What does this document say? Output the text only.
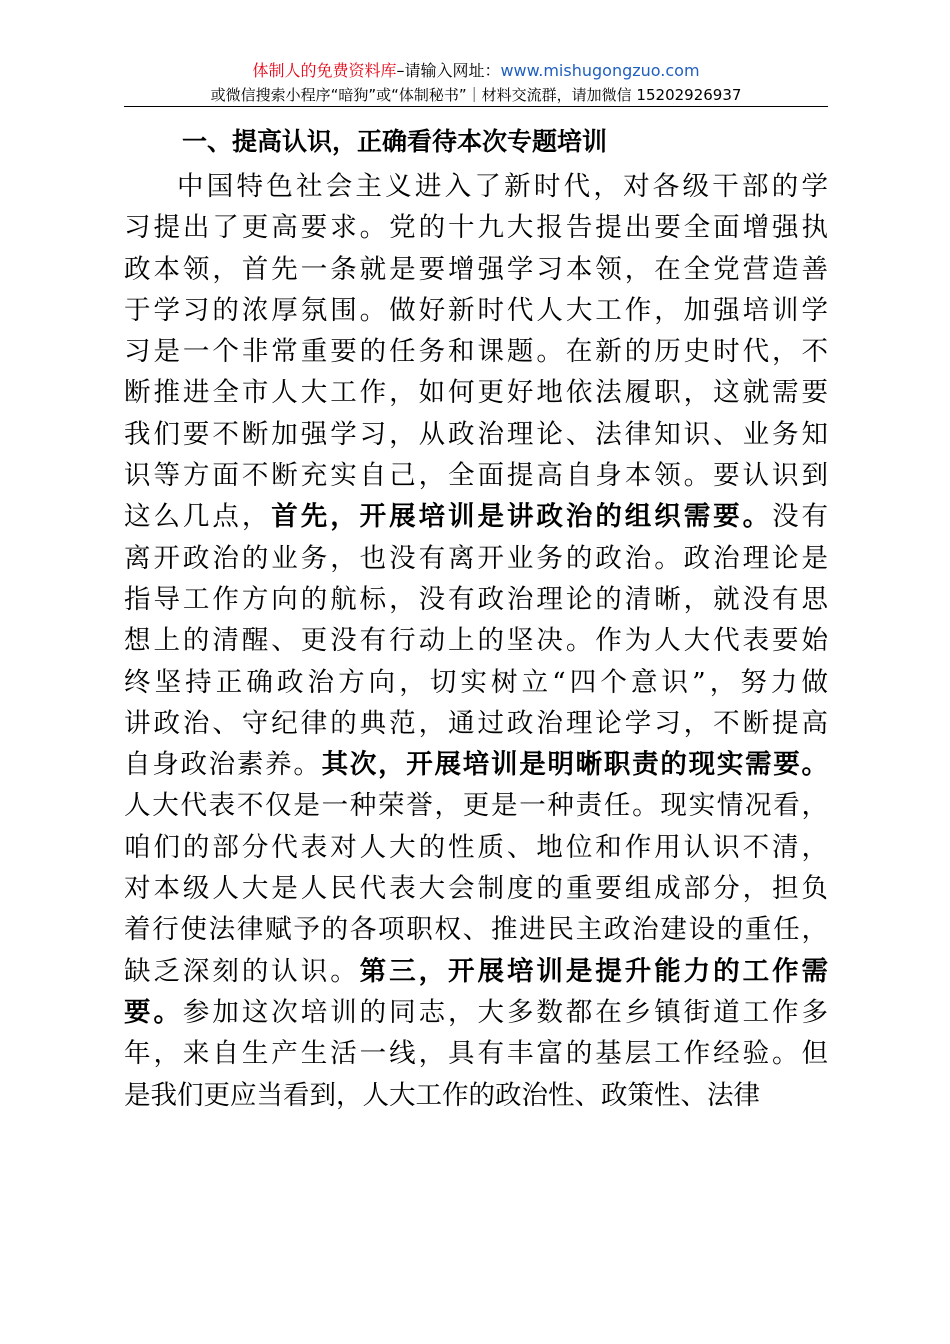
体制人的免费资料库–请输入网址：www.mishugongzuo.com
或微信搜索小程序“暗狗”或“体制秘书”｜材料交流群，请加微信 15202926937
一、提高认识，正确看待本次专题培训
中国特色社会主义进入了新时代，对各级干部的学
习提出了更高要求。党的十九大报告提出要全面增强执
政本领，首先一条就是要增强学习本领，在全党营造善
于学习的浓厚氛围。做好新时代人大工作，加强培训学
习是一个非常重要的任务和课题。在新的历史时代，不
断推进全市人大工作，如何更好地依法履职，这就需要
我们要不断加强学习，从政治理论、法律知识、业务知
识等方面不断充实自己，全面提高自身本领。要认识到
这么几点，首先，开展培训是讲政治的组织需要。没有
离开政治的业务，也没有离开业务的政治。政治理论是
指导工作方向的航标，没有政治理论的清晰，就没有思
想上的清醒、更没有行动上的坚决。作为人大代表要始
终坚持正确政治方向，切实树立“四个意识”，努力做
讲政治、守纪律的典范，通过政治理论学习，不断提高
自身政治素养。其次，开展培训是明晰职责的现实需要。
人大代表不仅是一种荣誉，更是一种责任。现实情况看，
咱们的部分代表对人大的性质、地位和作用认识不清，
对本级人大是人民代表大会制度的重要组成部分，担负
着行使法律赋予的各项职权、推进民主政治建设的重任，
缺乏深刻的认识。第三，开展培训是提升能力的工作需
要。参加这次培训的同志，大多数都在乡镇街道工作多
年，来自生产生活一线，具有丰富的基层工作经验。但
是我们更应当看到，人大工作的政治性、政策性、法律
